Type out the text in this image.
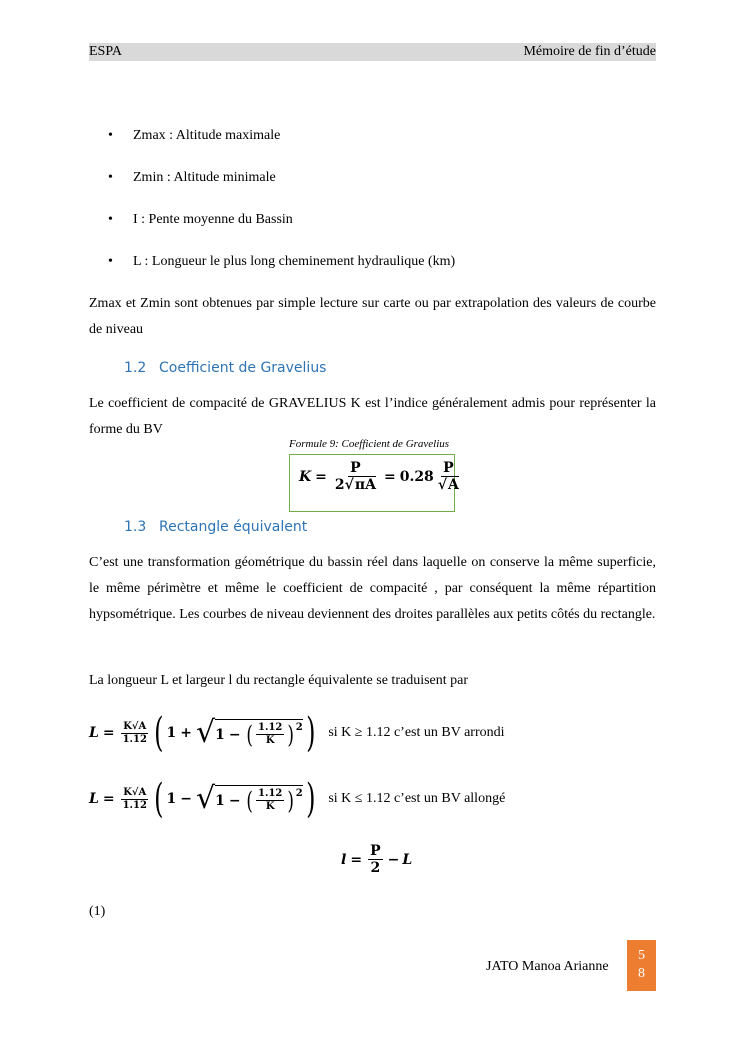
ESPA	Mémoire de fin d’étude
• Zmax : Altitude maximale
• Zmin : Altitude minimale
• I : Pente moyenne du Bassin
• L : Longueur le plus long cheminement hydraulique (km)
Zmax et Zmin sont obtenues par simple lecture sur carte ou par extrapolation des valeurs de courbe de niveau
1.2 Coefficient de Gravelius
Le coefficient de compacité de GRAVELIUS K est l’indice généralement admis pour représenter la forme du BV
Formule 9: Coefficient de Gravelius
$K = \frac{P}{2√\pi A} = 0.28 \frac{P}{√A}$
1.3 Rectangle équivalent
C’est une transformation géométrique du bassin réel dans laquelle on conserve la même superficie, le même périmètre et même le coefficient de compacité , par conséquent la même répartition hypsométrique. Les courbes de niveau deviennent des droites parallèles aux petits côtés du rectangle.
La longueur L et largeur l du rectangle équivalente se traduisent par
$L = \frac{K√A}{1.12}$ ( 1 + √ 1 − ( $\frac{1.12}{K} )^2$ ) si K ≥ 1.12 c’est un BV arrondi
$L = \frac{K√A}{1.12}$ ( 1 − √ 1 − ( $\frac{1.12}{K} )^2$ ) si K ≤ 1.12 c’est un BV allongé
$l = \frac{P}{2} - L$
(1)
JATO Manoa Arianne
5
8
